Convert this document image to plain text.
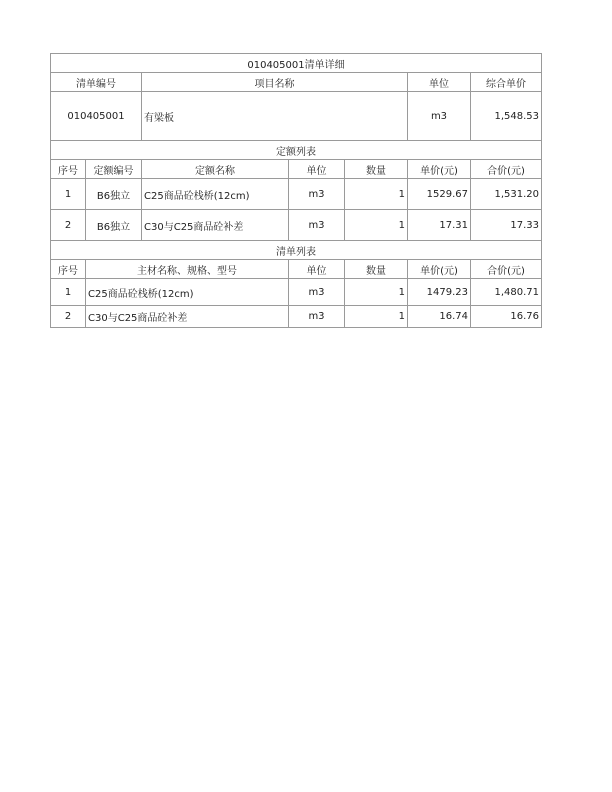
010405001清单详细						
清单编号		项目名称			单位	综合单价
010405001		有梁板			m3	1,548.53
定额列表						
序号	定额编号	定额名称	单位	数量	单价(元)	合价(元)
1	B6独立	C25商品砼栈桥(12cm)	m3	1	1529.67	1,531.20
2	B6独立	C30与C25商品砼补差	m3	1	17.31	17.33
清单列表						
序号	主材名称、规格、型号		单位	数量	单价(元)	合价(元)
1	C25商品砼栈桥(12cm)		m3	1	1479.23	1,480.71
2	C30与C25商品砼补差		m3	1	16.74	16.76
